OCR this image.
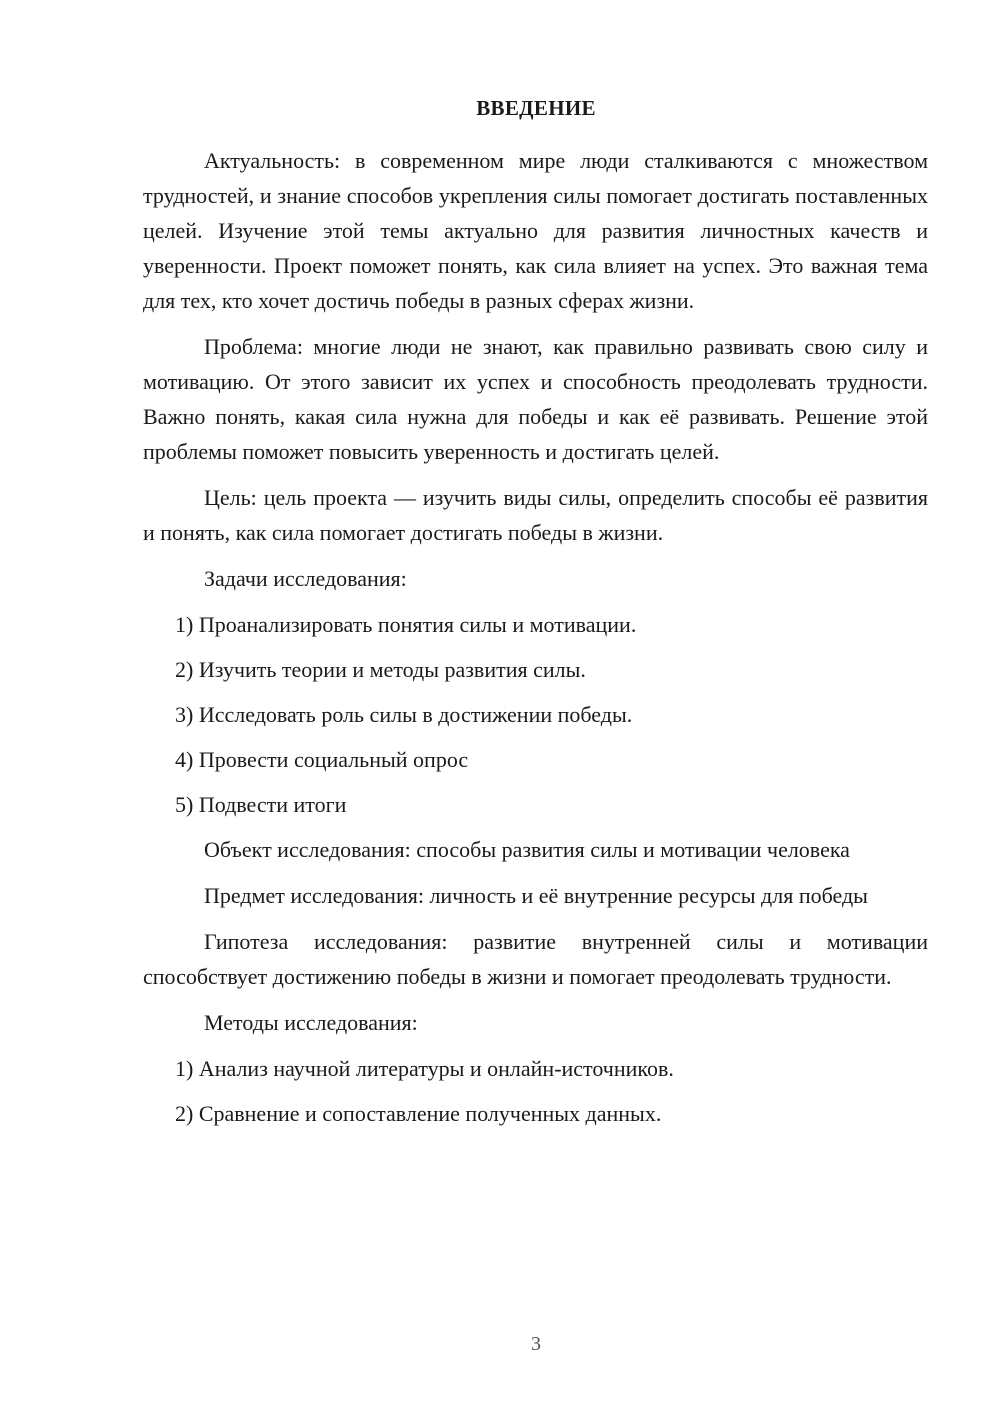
ВВЕДЕНИЕ

Актуальность: в современном мире люди сталкиваются с множеством трудностей, и знание способов укрепления силы помогает достигать поставленных целей. Изучение этой темы актуально для развития личностных качеств и уверенности. Проект поможет понять, как сила влияет на успех. Это важная тема для тех, кто хочет достичь победы в разных сферах жизни.

Проблема: многие люди не знают, как правильно развивать свою силу и мотивацию. От этого зависит их успех и способность преодолевать трудности. Важно понять, какая сила нужна для победы и как её развивать. Решение этой проблемы поможет повысить уверенность и достигать целей.

Цель: цель проекта — изучить виды силы, определить способы её развития и понять, как сила помогает достигать победы в жизни.

Задачи исследования:

1) Проанализировать понятия силы и мотивации.

2) Изучить теории и методы развития силы.

3) Исследовать роль силы в достижении победы.

4) Провести социальный опрос

5) Подвести итоги

Объект исследования: способы развития силы и мотивации человека

Предмет исследования: личность и её внутренние ресурсы для победы

Гипотеза исследования: развитие внутренней силы и мотивации способствует достижению победы в жизни и помогает преодолевать трудности.

Методы исследования:

1) Анализ научной литературы и онлайн-источников.

2) Сравнение и сопоставление полученных данных.

3
